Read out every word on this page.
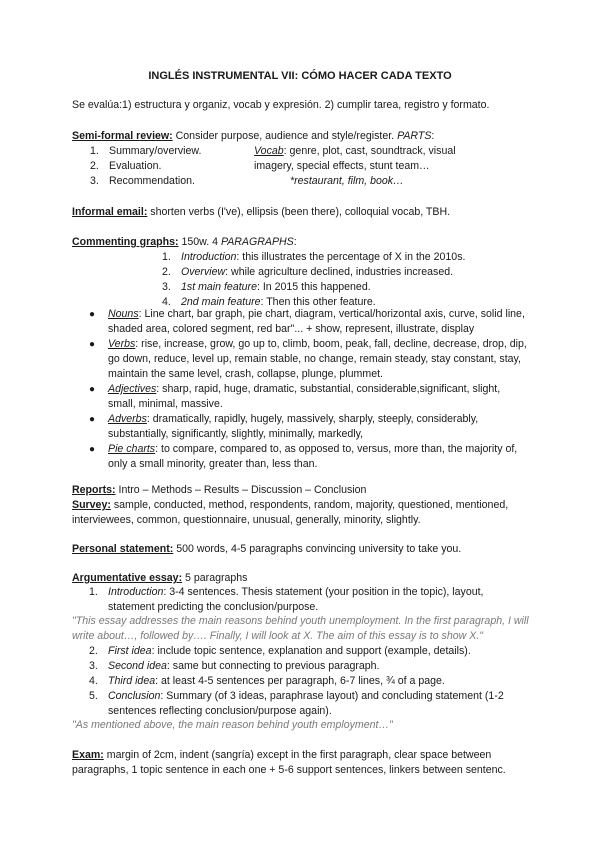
INGLÉS INSTRUMENTAL VII: CÓMO HACER CADA TEXTO
Se evalúa:1) estructura y organiz, vocab y expresión. 2) cumplir tarea, registro y formato.
Semi-formal review: Consider purpose, audience and style/register. PARTS:
1. Summary/overview.
2. Evaluation.
3. Recommendation.
Vocab: genre, plot, cast, soundtrack, visual
imagery, special effects, stunt team…
*restaurant, film, book…
Informal email: shorten verbs (I've), ellipsis (been there), colloquial vocab, TBH.
Commenting graphs: 150w. 4 PARAGRAPHS:
1. Introduction: this illustrates the percentage of X in the 2010s.
2. Overview: while agriculture declined, industries increased.
3. 1st main feature: In 2015 this happened.
4. 2nd main feature: Then this other feature.
● Nouns: Line chart, bar graph, pie chart, diagram, vertical/horizontal axis, curve, solid line, shaded area, colored segment, red bar"... + show, represent, illustrate, display
● Verbs: rise, increase, grow, go up to, climb, boom, peak, fall, decline, decrease, drop, dip, go down, reduce, level up, remain stable, no change, remain steady, stay constant, stay, maintain the same level, crash, collapse, plunge, plummet.
● Adjectives: sharp, rapid, huge, dramatic, substantial, considerable,significant, slight, small, minimal, massive.
● Adverbs: dramatically, rapidly, hugely, massively, sharply, steeply, considerably, substantially, significantly, slightly, minimally, markedly,
● Pie charts: to compare, compared to, as opposed to, versus, more than, the majority of, only a small minority, greater than, less than.
Reports: Intro – Methods – Results – Discussion – Conclusion
Survey: sample, conducted, method, respondents, random, majority, questioned, mentioned, interviewees, common, questionnaire, unusual, generally, minority, slightly.
Personal statement: 500 words, 4-5 paragraphs convincing university to take you.
Argumentative essay: 5 paragraphs
1. Introduction: 3-4 sentences. Thesis statement (your position in the topic), layout, statement predicting the conclusion/purpose.
"This essay addresses the main reasons behind youth unemployment. In the first paragraph, I will write about…, followed by…. Finally, I will look at X. The aim of this essay is to show X."
2. First idea: include topic sentence, explanation and support (example, details).
3. Second idea: same but connecting to previous paragraph.
4. Third idea: at least 4-5 sentences per paragraph, 6-7 lines, ¾ of a page.
5. Conclusion: Summary (of 3 ideas, paraphrase layout) and concluding statement (1-2 sentences reflecting conclusion/purpose again).
"As mentioned above, the main reason behind youth employment…"
Exam: margin of 2cm, indent (sangría) except in the first paragraph, clear space between paragraphs, 1 topic sentence in each one + 5-6 support sentences, linkers between sentenc.
